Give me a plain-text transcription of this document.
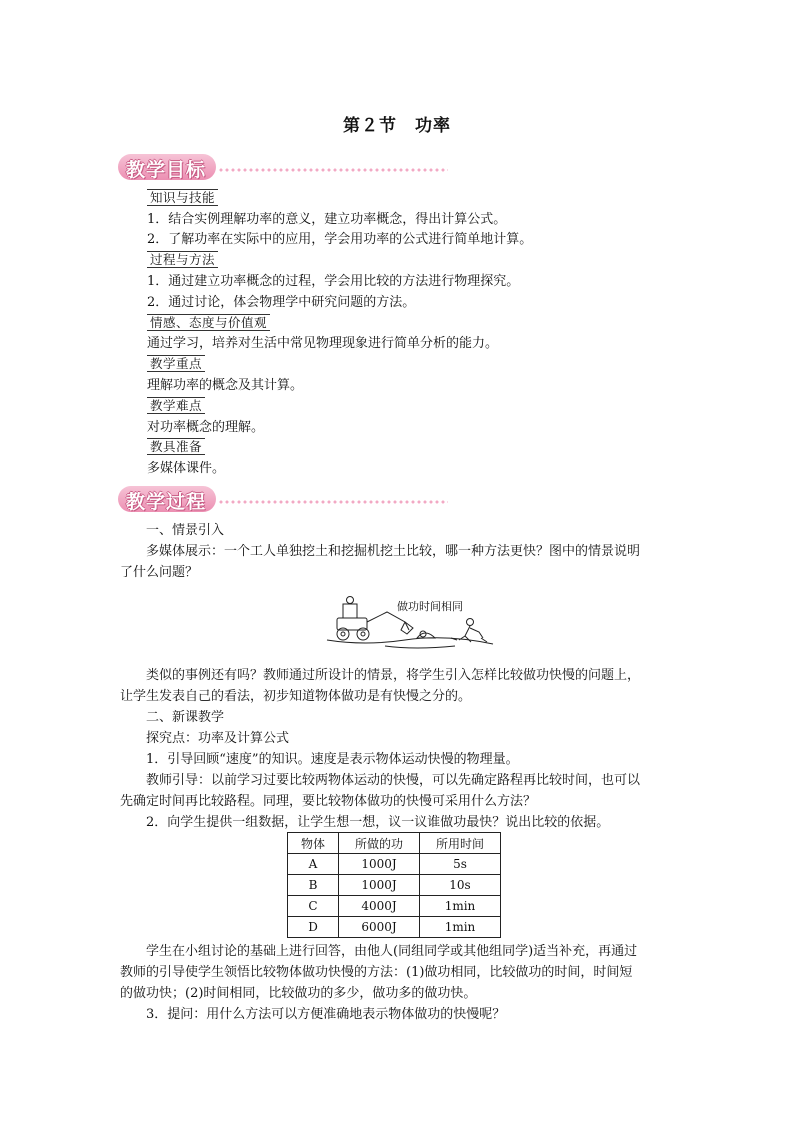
第２节　功率
教学目标
知识与技能
1．结合实例理解功率的意义，建立功率概念，得出计算公式。
2．了解功率在实际中的应用，学会用功率的公式进行简单地计算。
过程与方法
1．通过建立功率概念的过程，学会用比较的方法进行物理探究。
2．通过讨论，体会物理学中研究问题的方法。
情感、态度与价值观
通过学习，培养对生活中常见物理现象进行简单分析的能力。
教学重点
理解功率的概念及其计算。
教学难点
对功率概念的理解。
教具准备
多媒体课件。
教学过程
一、情景引入
多媒体展示：一个工人单独挖土和挖掘机挖土比较，哪一种方法更快？图中的情景说明
了什么问题？
类似的事例还有吗？教师通过所设计的情景，将学生引入怎样比较做功快慢的问题上，
让学生发表自己的看法，初步知道物体做功是有快慢之分的。
二、新课教学
探究点：功率及计算公式
1．引导回顾“速度”的知识。速度是表示物体运动快慢的物理量。
教师引导：以前学习过要比较两物体运动的快慢，可以先确定路程再比较时间，也可以
先确定时间再比较路程。同理，要比较物体做功的快慢可采用什么方法？
2．向学生提供一组数据，让学生想一想，议一议谁做功最快？说出比较的依据。
学生在小组讨论的基础上进行回答，由他人(同组同学或其他组同学)适当补充，再通过
教师的引导使学生领悟比较物体做功快慢的方法：(1)做功相同，比较做功的时间，时间短
的做功快；(2)时间相同，比较做功的多少，做功多的做功快。
3．提问：用什么方法可以方便准确地表示物体做功的快慢呢？
做功时间相同
物体	所做的功	所用时间
A	1000J	5s
B	1000J	10s
C	4000J	1min
D	6000J	1min
